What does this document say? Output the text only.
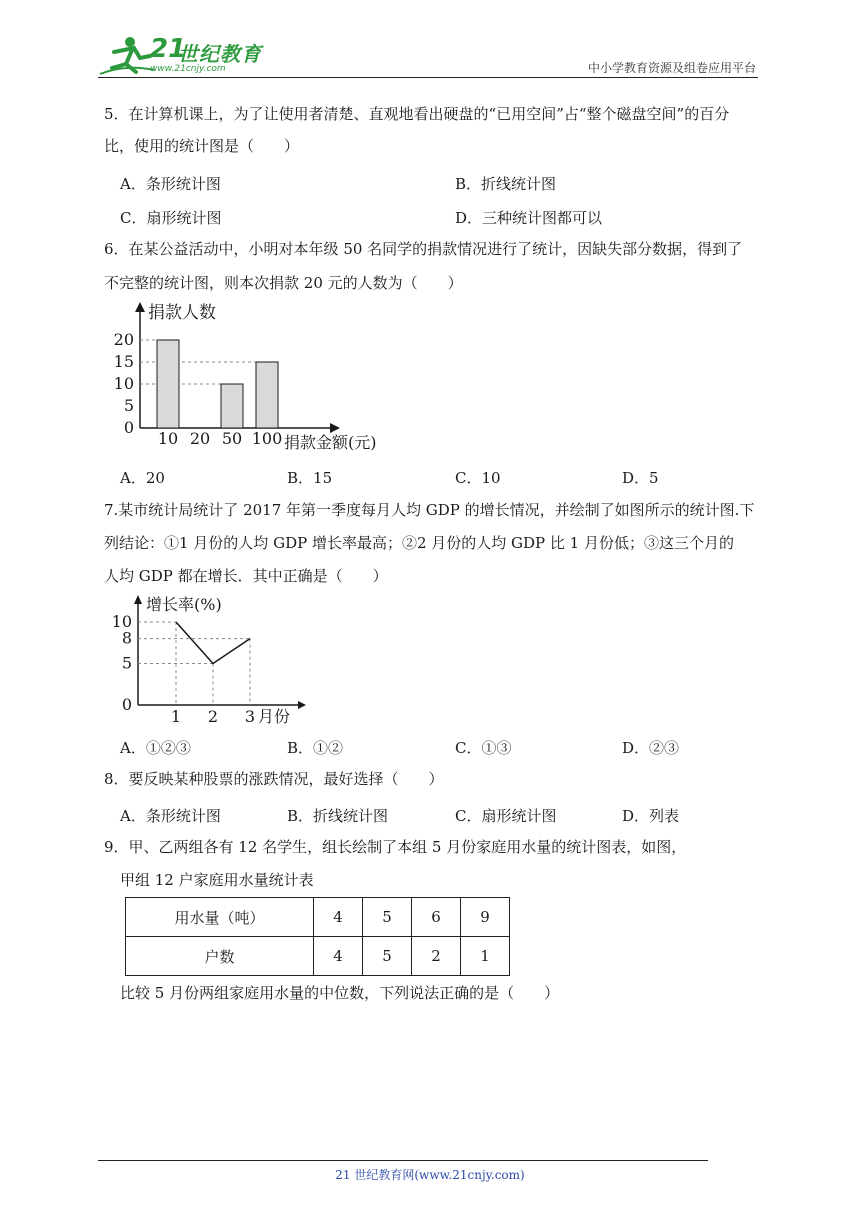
21
世纪教育
www.21cnjy.com	中小学教育资源及组卷应用平台
5．在计算机课上，为了让使用者清楚、直观地看出硬盘的“已用空间”占“整个磁盘空间”的百分
比，使用的统计图是（　　）
A．条形统计图	B．折线统计图
C．扇形统计图	D．三种统计图都可以
6．在某公益活动中，小明对本年级 50 名同学的捐款情况进行了统计，因缺失部分数据，得到了
不完整的统计图，则本次捐款 20 元的人数为（　　）
捐款人数
捐款金额(元)
0
5
10
15
20
10 20 50 100
A．20	B．15	C．10	D．5
7.某市统计局统计了 2017 年第一季度每月人均 GDP 的增长情况，并绘制了如图所示的统计图.下
列结论：①1 月份的人均 GDP 增长率最高；②2 月份的人均 GDP 比 1 月份低；③这三个月的
人均 GDP 都在增长．其中正确是（　　）
增长率(%)
0
5
8
10
1 2 3 月份
A．①②③	B．①②	C．①③	D．②③
8．要反映某种股票的涨跌情况，最好选择（　　）
A．条形统计图	B．折线统计图	C．扇形统计图	D．列表
9．甲、乙两组各有 12 名学生，组长绘制了本组 5 月份家庭用水量的统计图表，如图，
甲组 12 户家庭用水量统计表
用水量（吨）	4	5	6	9
户数	4	5	2	1
比较 5 月份两组家庭用水量的中位数，下列说法正确的是（　　）
21 世纪教育网(www.21cnjy.com)
